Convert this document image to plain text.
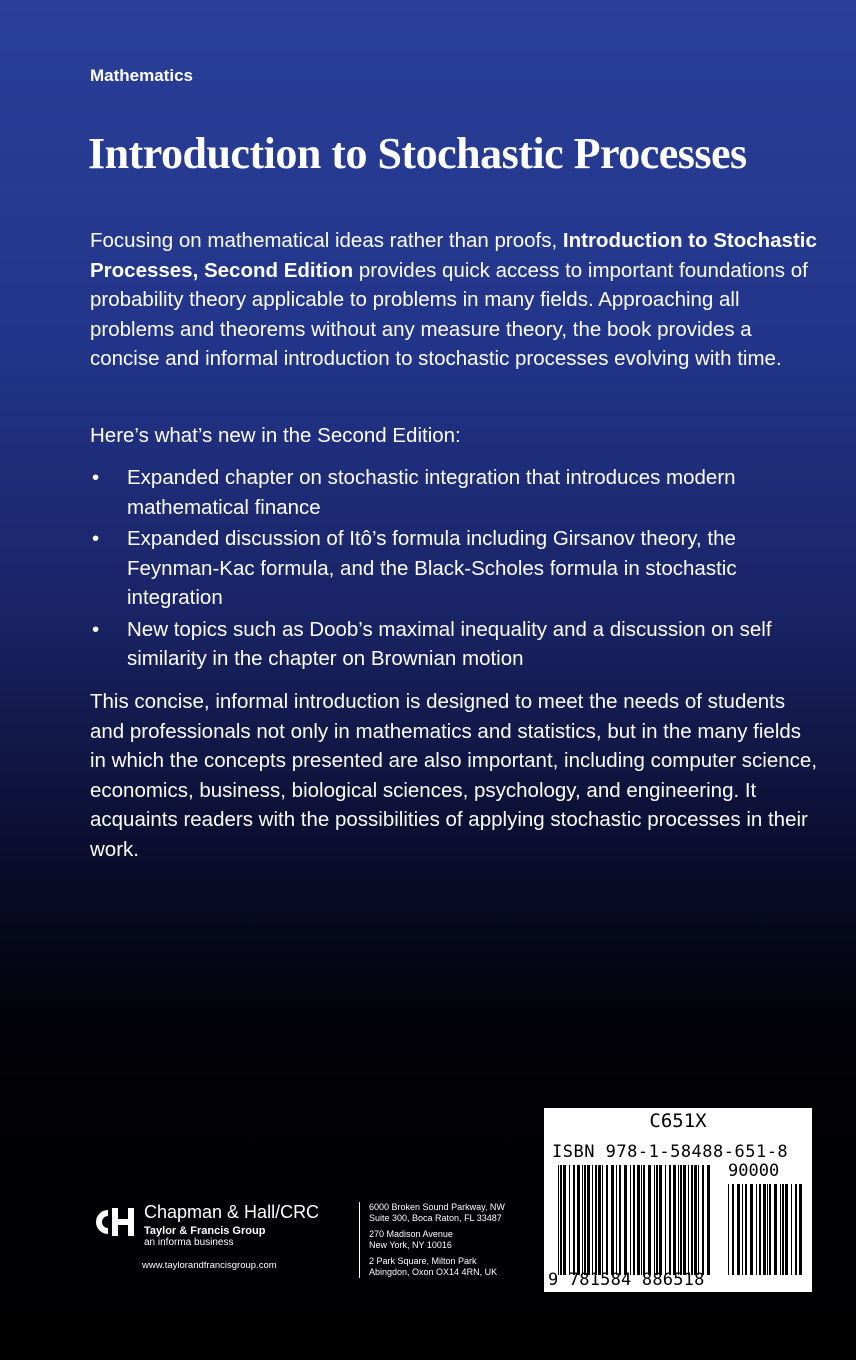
Mathematics
Introduction to Stochastic Processes

Focusing on mathematical ideas rather than proofs, Introduction to Stochastic Processes, Second Edition provides quick access to important foundations of probability theory applicable to problems in many fields. Approaching all problems and theorems without any measure theory, the book provides a concise and informal introduction to stochastic processes evolving with time.

Here’s what’s new in the Second Edition:
• Expanded chapter on stochastic integration that introduces modern mathematical finance
• Expanded discussion of Itô’s formula including Girsanov theory, the Feynman-Kac formula, and the Black-Scholes formula in stochastic integration
• New topics such as Doob’s maximal inequality and a discussion on self similarity in the chapter on Brownian motion
This concise, informal introduction is designed to meet the needs of students and professionals not only in mathematics and statistics, but in the many fields in which the concepts presented are also important, including computer science, economics, business, biological sciences, psychology, and engineering. It acquaints readers with the possibilities of applying stochastic processes in their work.
Chapman & Hall/CRC
Taylor & Francis Group
an informa business
www.taylorandfrancisgroup.com
6000 Broken Sound Parkway, NW
Suite 300, Boca Raton, FL 33487
270 Madison Avenue
New York, NY 10016
2 Park Square, Milton Park
Abingdon, Oxon OX14 4RN, UK
C651X
ISBN 978-1-58488-651-8
90000
9 781584 886518
